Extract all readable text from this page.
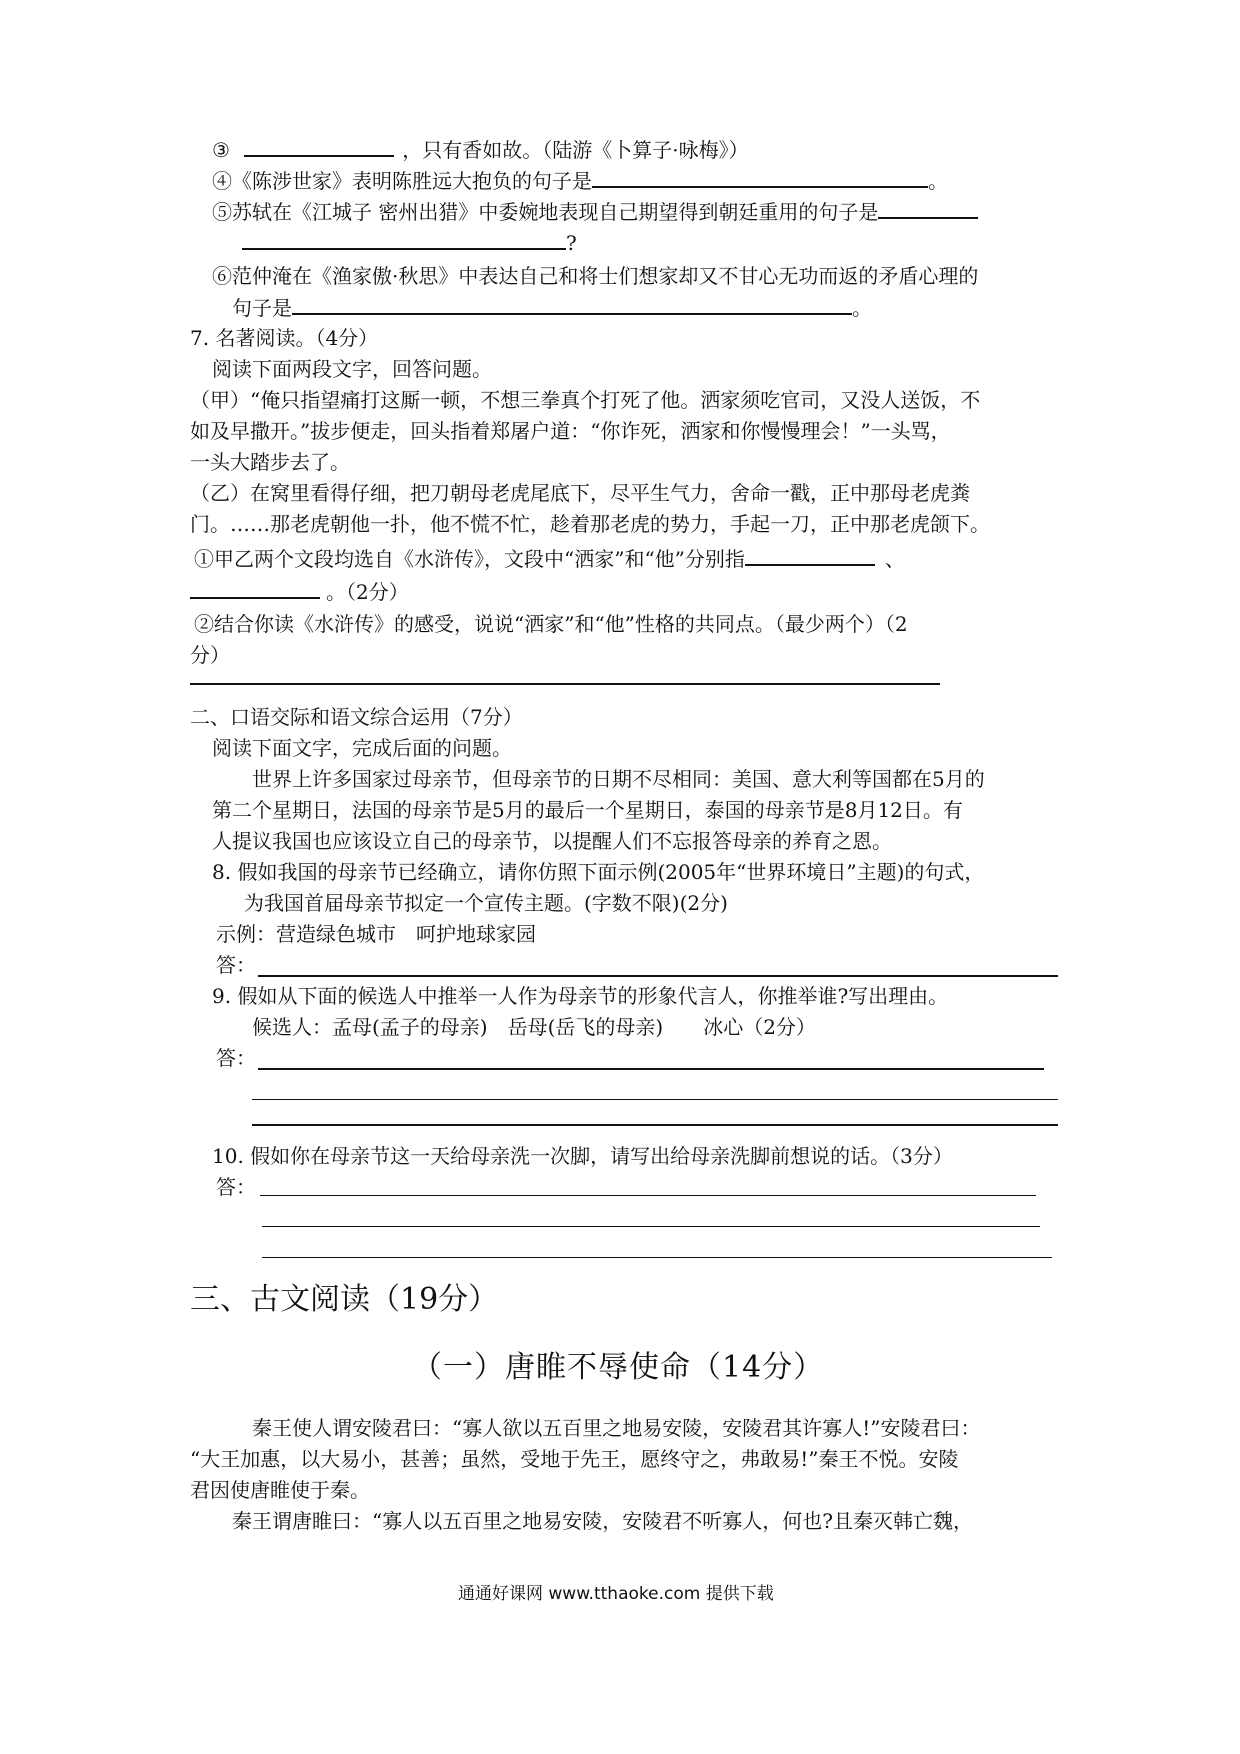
③	，只有香如故。（陆游《卜算子·咏梅》）
④《陈涉世家》表明陈胜远大抱负的句子是	。
⑤苏轼在《江城子 密州出猎》中委婉地表现自己期望得到朝廷重用的句子是
?
⑥范仲淹在《渔家傲·秋思》中表达自己和将士们想家却又不甘心无功而返的矛盾心理的
句子是	。
7. 名著阅读。（4分）
阅读下面两段文字，回答问题。
（甲）“俺只指望痛打这厮一顿，不想三拳真个打死了他。洒家须吃官司，又没人送饭，不
如及早撒开。”拔步便走，回头指着郑屠户道：“你诈死，洒家和你慢慢理会！”一头骂，
一头大踏步去了。
（乙）在窝里看得仔细，把刀朝母老虎尾底下，尽平生气力，舍命一戳，正中那母老虎粪
门。……那老虎朝他一扑，他不慌不忙，趁着那老虎的势力，手起一刀，正中那老虎颌下。
①甲乙两个文段均选自《水浒传》，文段中“洒家”和“他”分别指	、
。（2分）
②结合你读《水浒传》的感受，说说“洒家”和“他”性格的共同点。（最少两个）（2
分）
二、口语交际和语文综合运用（7分）
阅读下面文字，完成后面的问题。
世界上许多国家过母亲节，但母亲节的日期不尽相同：美国、意大利等国都在5月的
第二个星期日，法国的母亲节是5月的最后一个星期日，泰国的母亲节是8月12日。有
人提议我国也应该设立自己的母亲节，以提醒人们不忘报答母亲的养育之恩。
8. 假如我国的母亲节已经确立，请你仿照下面示例(2005年“世界环境日”主题)的句式，
为我国首届母亲节拟定一个宣传主题。(字数不限)(2分)
示例：营造绿色城市　呵护地球家园
答：
9. 假如从下面的候选人中推举一人作为母亲节的形象代言人，你推举谁?写出理由。
候选人：孟母(孟子的母亲)　岳母(岳飞的母亲)　　冰心（2分）
答：
10. 假如你在母亲节这一天给母亲洗一次脚，请写出给母亲洗脚前想说的话。（3分）
答：
三、古文阅读（19分）
（一）唐睢不辱使命（14分）
秦王使人谓安陵君曰：“寡人欲以五百里之地易安陵，安陵君其许寡人!”安陵君曰：
“大王加惠，以大易小，甚善；虽然，受地于先王，愿终守之，弗敢易!”秦王不悦。安陵
君因使唐睢使于秦。
秦王谓唐睢曰：“寡人以五百里之地易安陵，安陵君不听寡人，何也?且秦灭韩亡魏，
通通好课网 www.tthaoke.com 提供下载
